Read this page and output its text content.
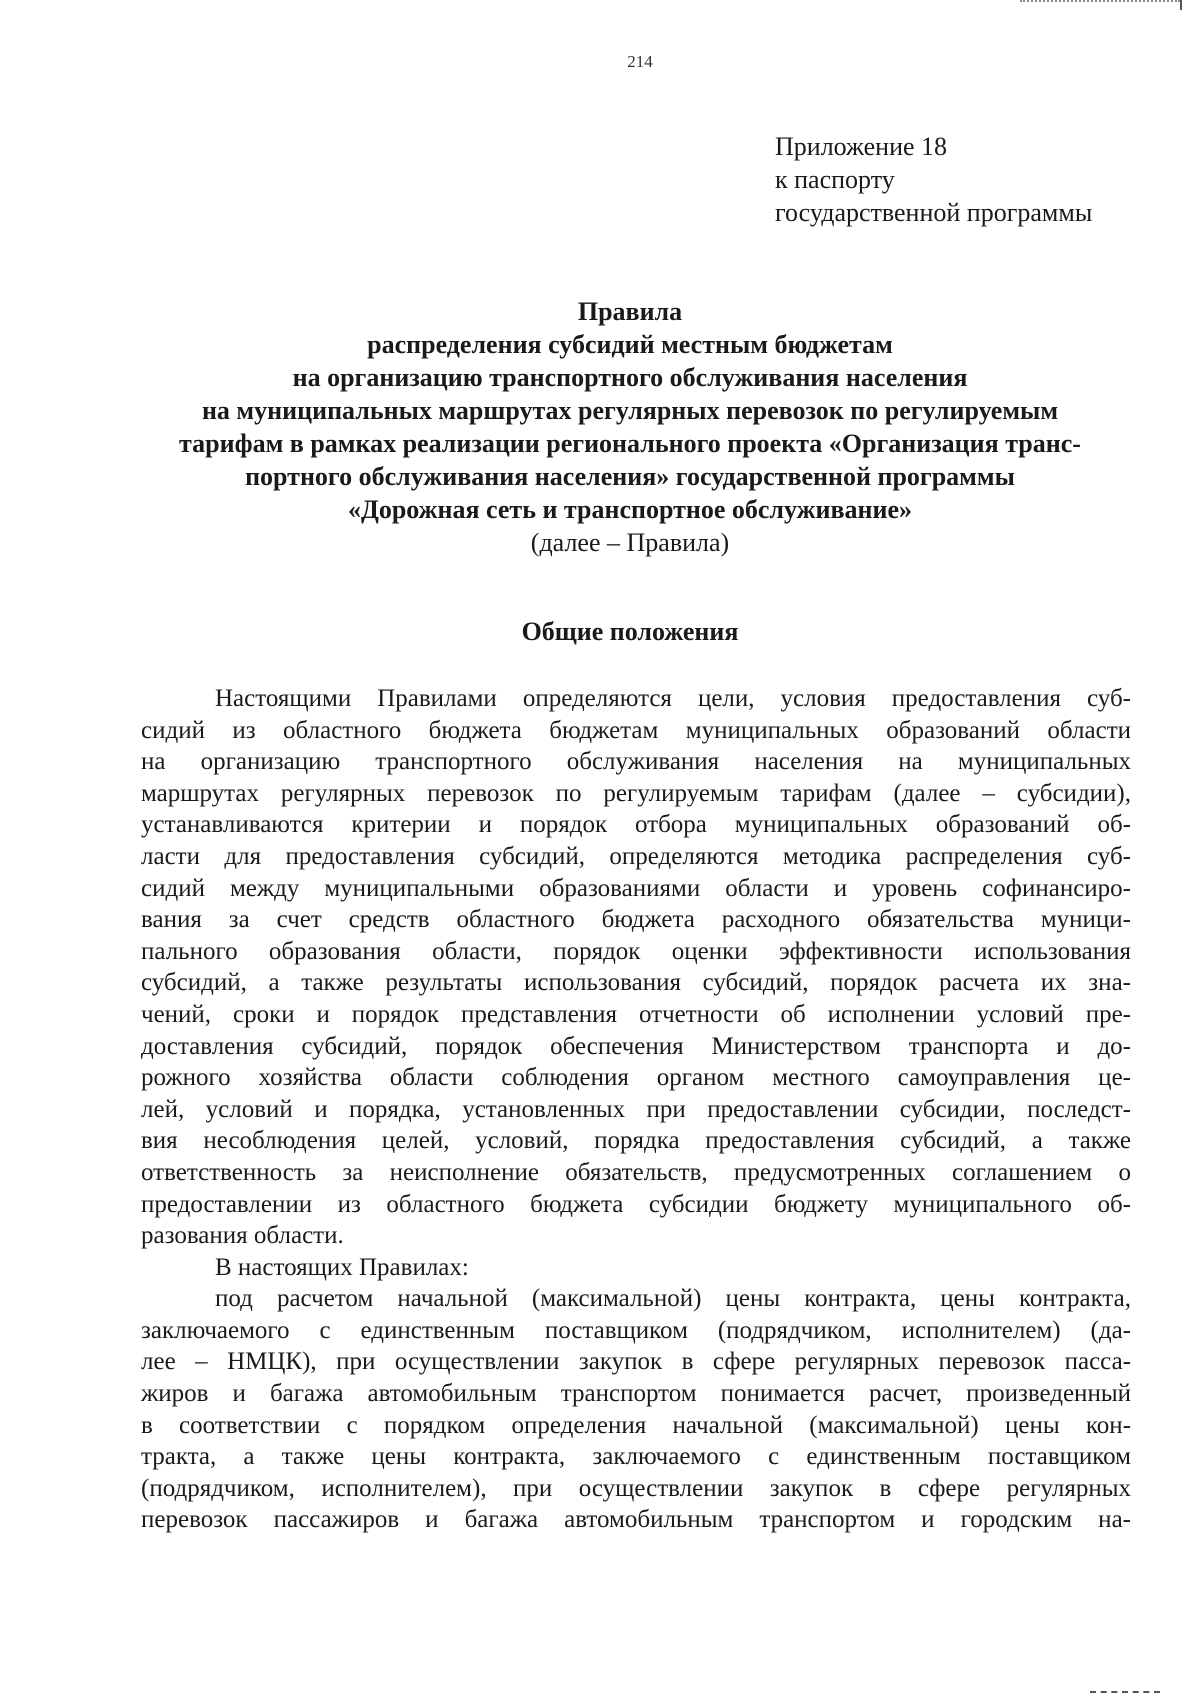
214
Приложение 18
к паспорту
государственной программы
Правила
распределения субсидий местным бюджетам
на организацию транспортного обслуживания населения
на муниципальных маршрутах регулярных перевозок по регулируемым
тарифам в рамках реализации регионального проекта «Организация транс-
портного обслуживания населения» государственной программы
«Дорожная сеть и транспортное обслуживание»
(далее – Правила)
Общие положения
Настоящими Правилами определяются цели, условия предоставления суб-
сидий из областного бюджета бюджетам муниципальных образований области
на организацию транспортного обслуживания населения на муниципальных
маршрутах регулярных перевозок по регулируемым тарифам (далее – субсидии),
устанавливаются критерии и порядок отбора муниципальных образований об-
ласти для предоставления субсидий, определяются методика распределения суб-
сидий между муниципальными образованиями области и уровень софинансиро-
вания за счет средств областного бюджета расходного обязательства муници-
пального образования области, порядок оценки эффективности использования
субсидий, а также результаты использования субсидий, порядок расчета их зна-
чений, сроки и порядок представления отчетности об исполнении условий пре-
доставления субсидий, порядок обеспечения Министерством транспорта и до-
рожного хозяйства области соблюдения органом местного самоуправления це-
лей, условий и порядка, установленных при предоставлении субсидии, последст-
вия несоблюдения целей, условий, порядка предоставления субсидий, а также
ответственность за неисполнение обязательств, предусмотренных соглашением о
предоставлении из областного бюджета субсидии бюджету муниципального об-
разования области.
В настоящих Правилах:
под расчетом начальной (максимальной) цены контракта, цены контракта,
заключаемого с единственным поставщиком (подрядчиком, исполнителем) (да-
лее – НМЦК), при осуществлении закупок в сфере регулярных перевозок пасса-
жиров и багажа автомобильным транспортом понимается расчет, произведенный
в соответствии с порядком определения начальной (максимальной) цены кон-
тракта, а также цены контракта, заключаемого с единственным поставщиком
(подрядчиком, исполнителем), при осуществлении закупок в сфере регулярных
перевозок пассажиров и багажа автомобильным транспортом и городским на-
